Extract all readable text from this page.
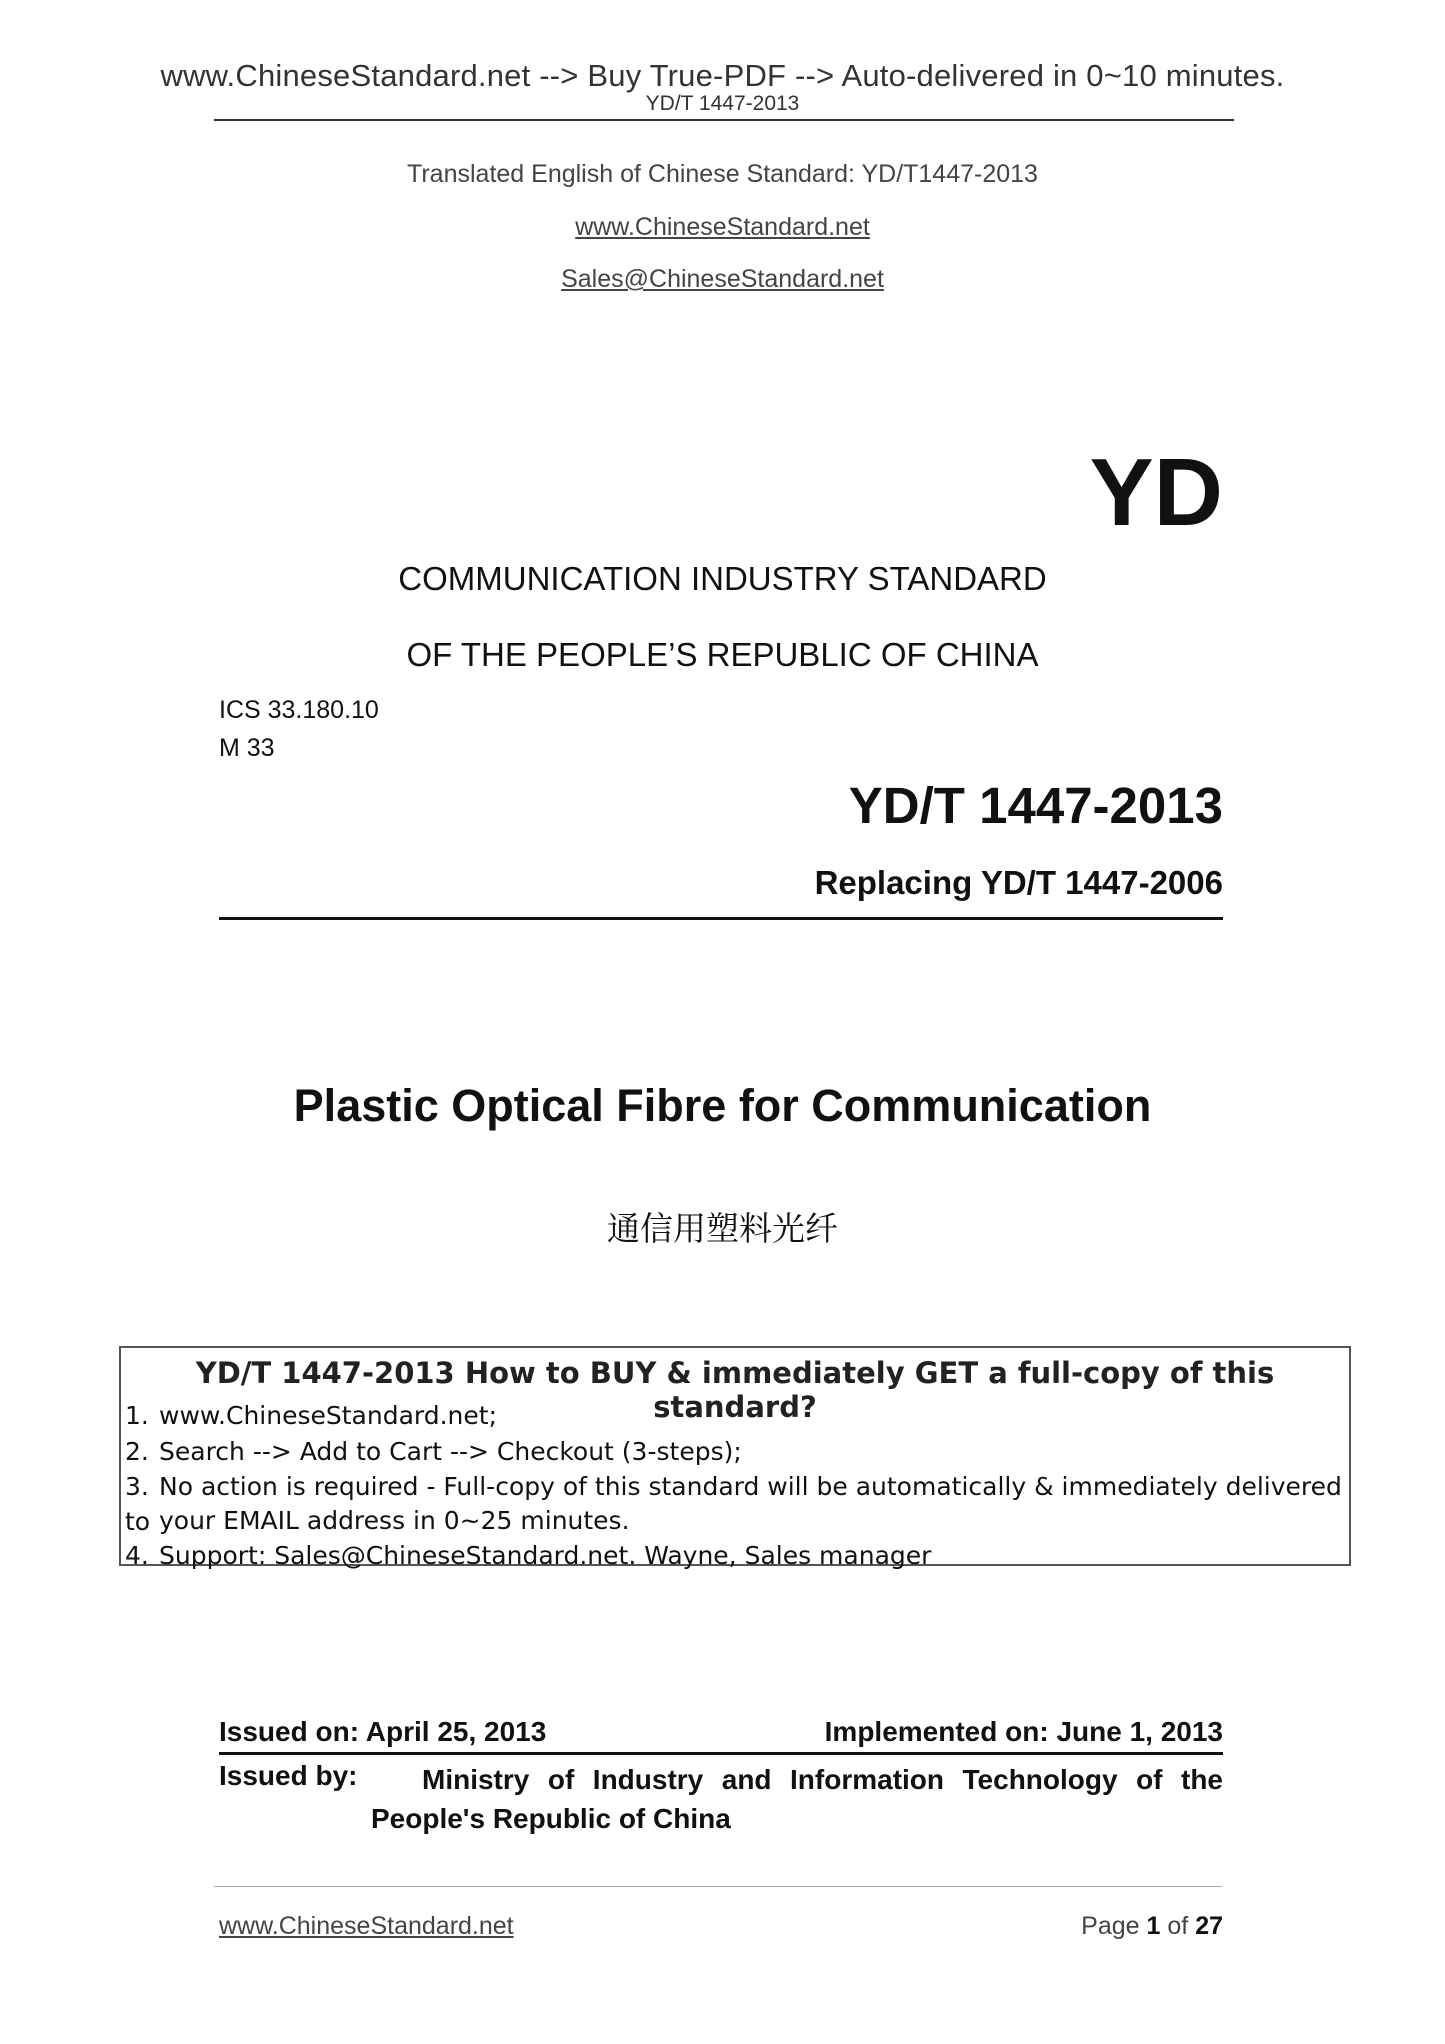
www.ChineseStandard.net --> Buy True-PDF --> Auto-delivered in 0~10 minutes.
YD/T 1447-2013
Translated English of Chinese Standard: YD/T1447-2013
www.ChineseStandard.net
Sales@ChineseStandard.net
YD
COMMUNICATION INDUSTRY STANDARD
OF THE PEOPLE’S REPUBLIC OF CHINA
ICS 33.180.10
M 33
YD/T 1447-2013
Replacing YD/T 1447-2006
Plastic Optical Fibre for Communication
通信用塑料光纤
YD/T 1447-2013 How to BUY & immediately GET a full-copy of this standard?
1. www.ChineseStandard.net;
2. Search --> Add to Cart --> Checkout (3-steps);
3. No action is required - Full-copy of this standard will be automatically & immediately delivered to your EMAIL address in 0~25 minutes.
4. Support: Sales@ChineseStandard.net. Wayne, Sales manager
Issued on: April 25, 2013	Implemented on: June 1, 2013
Issued by:	Ministry of Industry and Information Technology of the
People's Republic of China
www.ChineseStandard.net	Page 1 of 27
